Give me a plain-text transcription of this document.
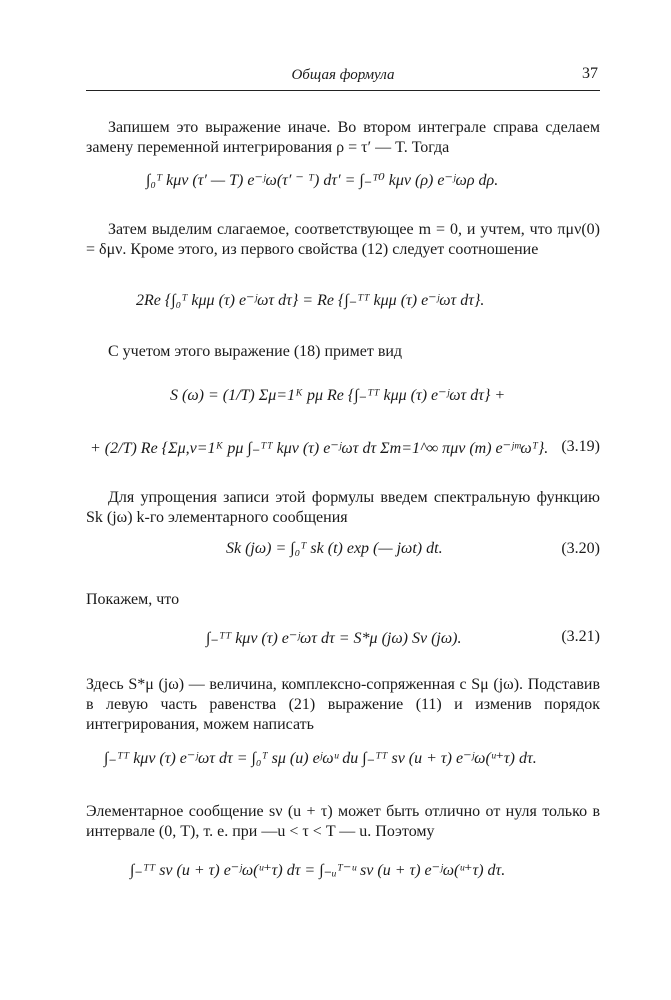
Общая формула	37

Запишем это выражение иначе. Во втором интеграле справа сделаем замену переменной интегрирования ρ = τ′ — T. Тогда

∫₀ᵀ kμν (τ′ — T) e⁻ʲω(τ′ ⁻ ᵀ) dτ′ = ∫₋ᵀ⁰ kμν (ρ) e⁻ʲωρ dρ.

Затем выделим слагаемое, соответствующее m = 0, и учтем, что πμν(0) = δμν. Кроме этого, из первого свойства (12) следует соотношение

2Re {∫₀ᵀ kμμ (τ) e⁻ʲωτ dτ} = Re {∫₋ᵀᵀ kμμ (τ) e⁻ʲωτ dτ}.

С учетом этого выражение (18) примет вид

S (ω) = (1/T) Σμ=1ᴷ pμ Re {∫₋ᵀᵀ kμμ (τ) e⁻ʲωτ dτ} +
+ (2/T) Re {Σμ,ν=1ᴷ pμ ∫₋ᵀᵀ kμν (τ) e⁻ʲωτ dτ Σm=1^∞ πμν (m) e⁻ʲᵐωᵀ}. (3.19)

Для упрощения записи этой формулы введем спектральную функцию Sk (jω) k-го элементарного сообщения

Sk (jω) = ∫₀ᵀ sk (t) exp (— jωt) dt.	(3.20)

Покажем, что

∫₋ᵀᵀ kμν (τ) e⁻ʲωτ dτ = S*μ (jω) Sν (jω).	(3.21)

Здесь S*μ (jω) — величина, комплексно-сопряженная с Sμ (jω). Подставив в левую часть равенства (21) выражение (11) и изменив порядок интегрирования, можем написать

∫₋ᵀᵀ kμν (τ) e⁻ʲωτ dτ = ∫₀ᵀ sμ (u) eʲωᵘ du ∫₋ᵀᵀ sν (u + τ) e⁻ʲω(ᵘ⁺τ) dτ.

Элементарное сообщение sν (u + τ) может быть отлично от нуля только в интервале (0, T), т. е. при —u < τ < T — u. Поэтому

∫₋ᵀᵀ sν (u + τ) e⁻ʲω(ᵘ⁺τ) dτ = ∫₋ᵤᵀ⁻ᵘ sν (u + τ) e⁻ʲω(ᵘ⁺τ) dτ.
